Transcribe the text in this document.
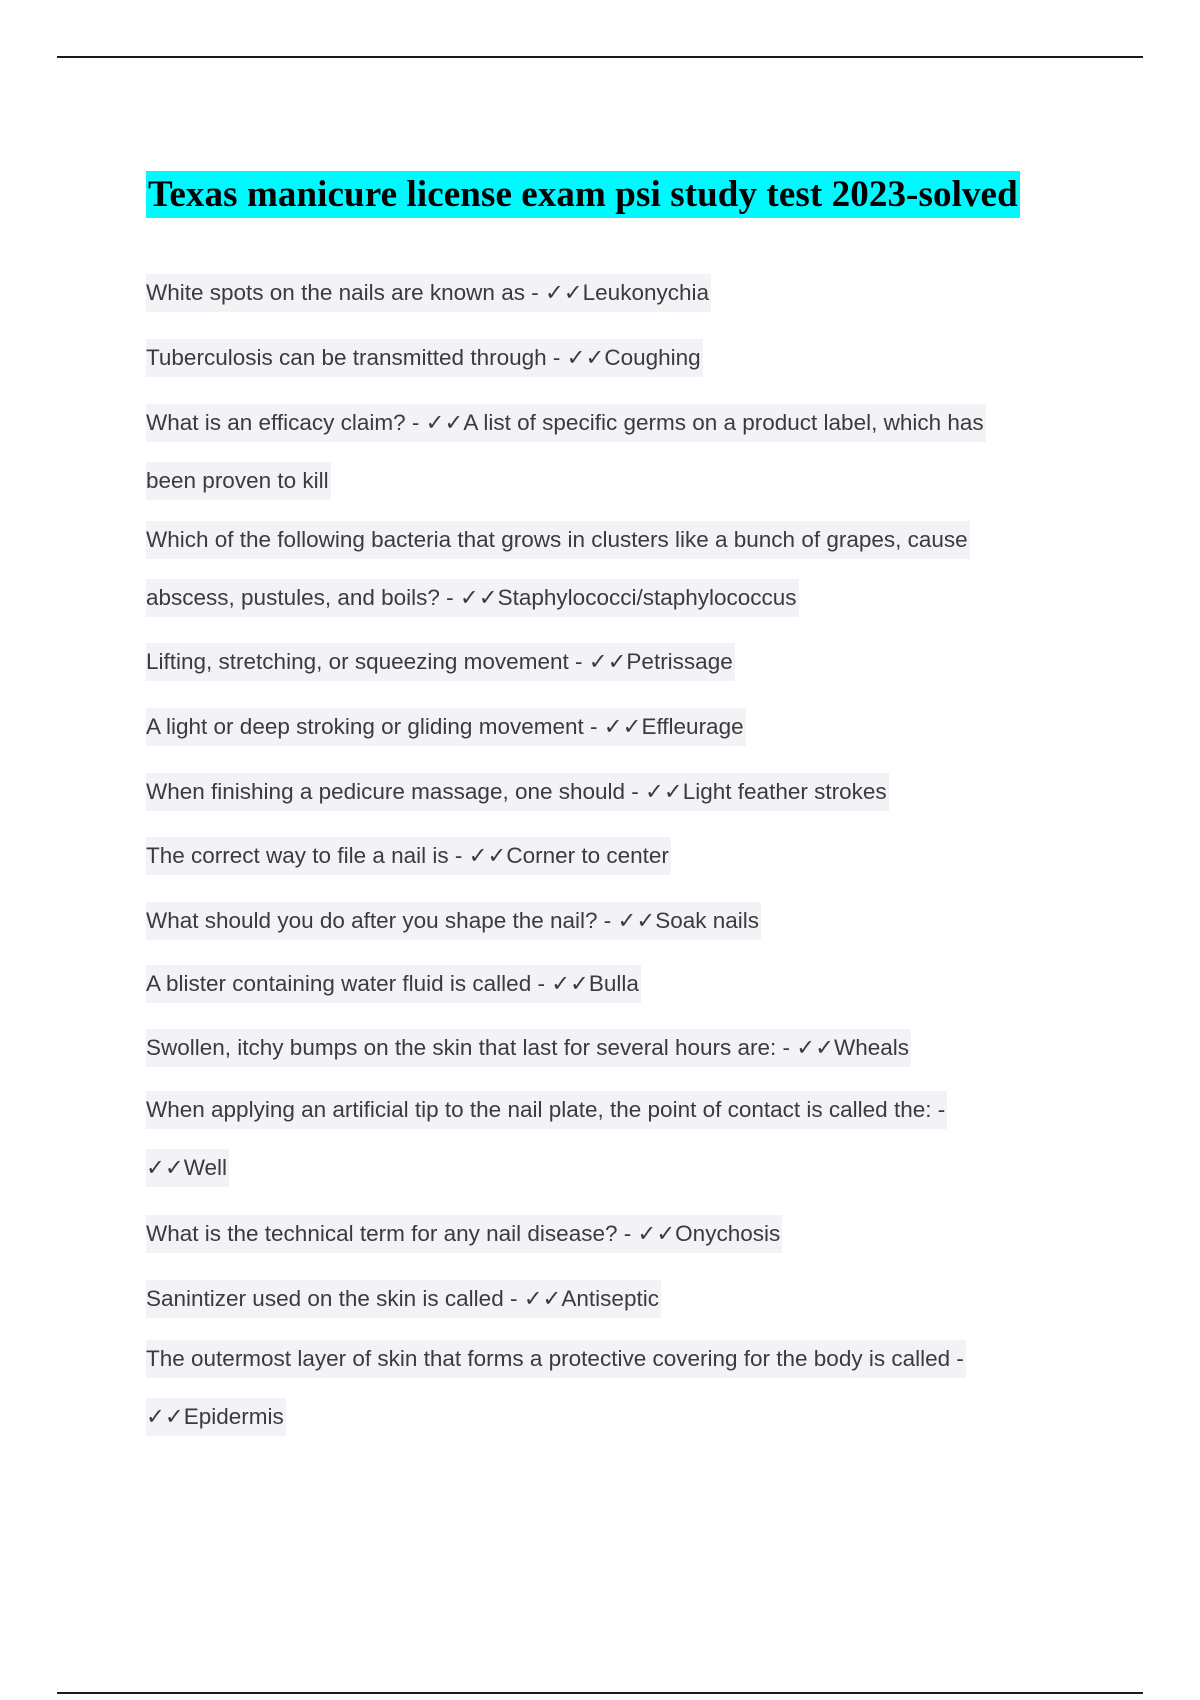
Texas manicure license exam psi study test 2023-solved
White spots on the nails are known as - ✓✓Leukonychia
Tuberculosis can be transmitted through - ✓✓Coughing
What is an efficacy claim? - ✓✓A list of specific germs on a product label, which has
been proven to kill
Which of the following bacteria that grows in clusters like a bunch of grapes, cause
abscess, pustules, and boils? - ✓✓Staphylococci/staphylococcus
Lifting, stretching, or squeezing movement - ✓✓Petrissage
A light or deep stroking or gliding movement - ✓✓Effleurage
When finishing a pedicure massage, one should - ✓✓Light feather strokes
The correct way to file a nail is - ✓✓Corner to center
What should you do after you shape the nail? - ✓✓Soak nails
A blister containing water fluid is called - ✓✓Bulla
Swollen, itchy bumps on the skin that last for several hours are: - ✓✓Wheals
When applying an artificial tip to the nail plate, the point of contact is called the: -
✓✓Well
What is the technical term for any nail disease? - ✓✓Onychosis
Sanintizer used on the skin is called - ✓✓Antiseptic
The outermost layer of skin that forms a protective covering for the body is called -
✓✓Epidermis
